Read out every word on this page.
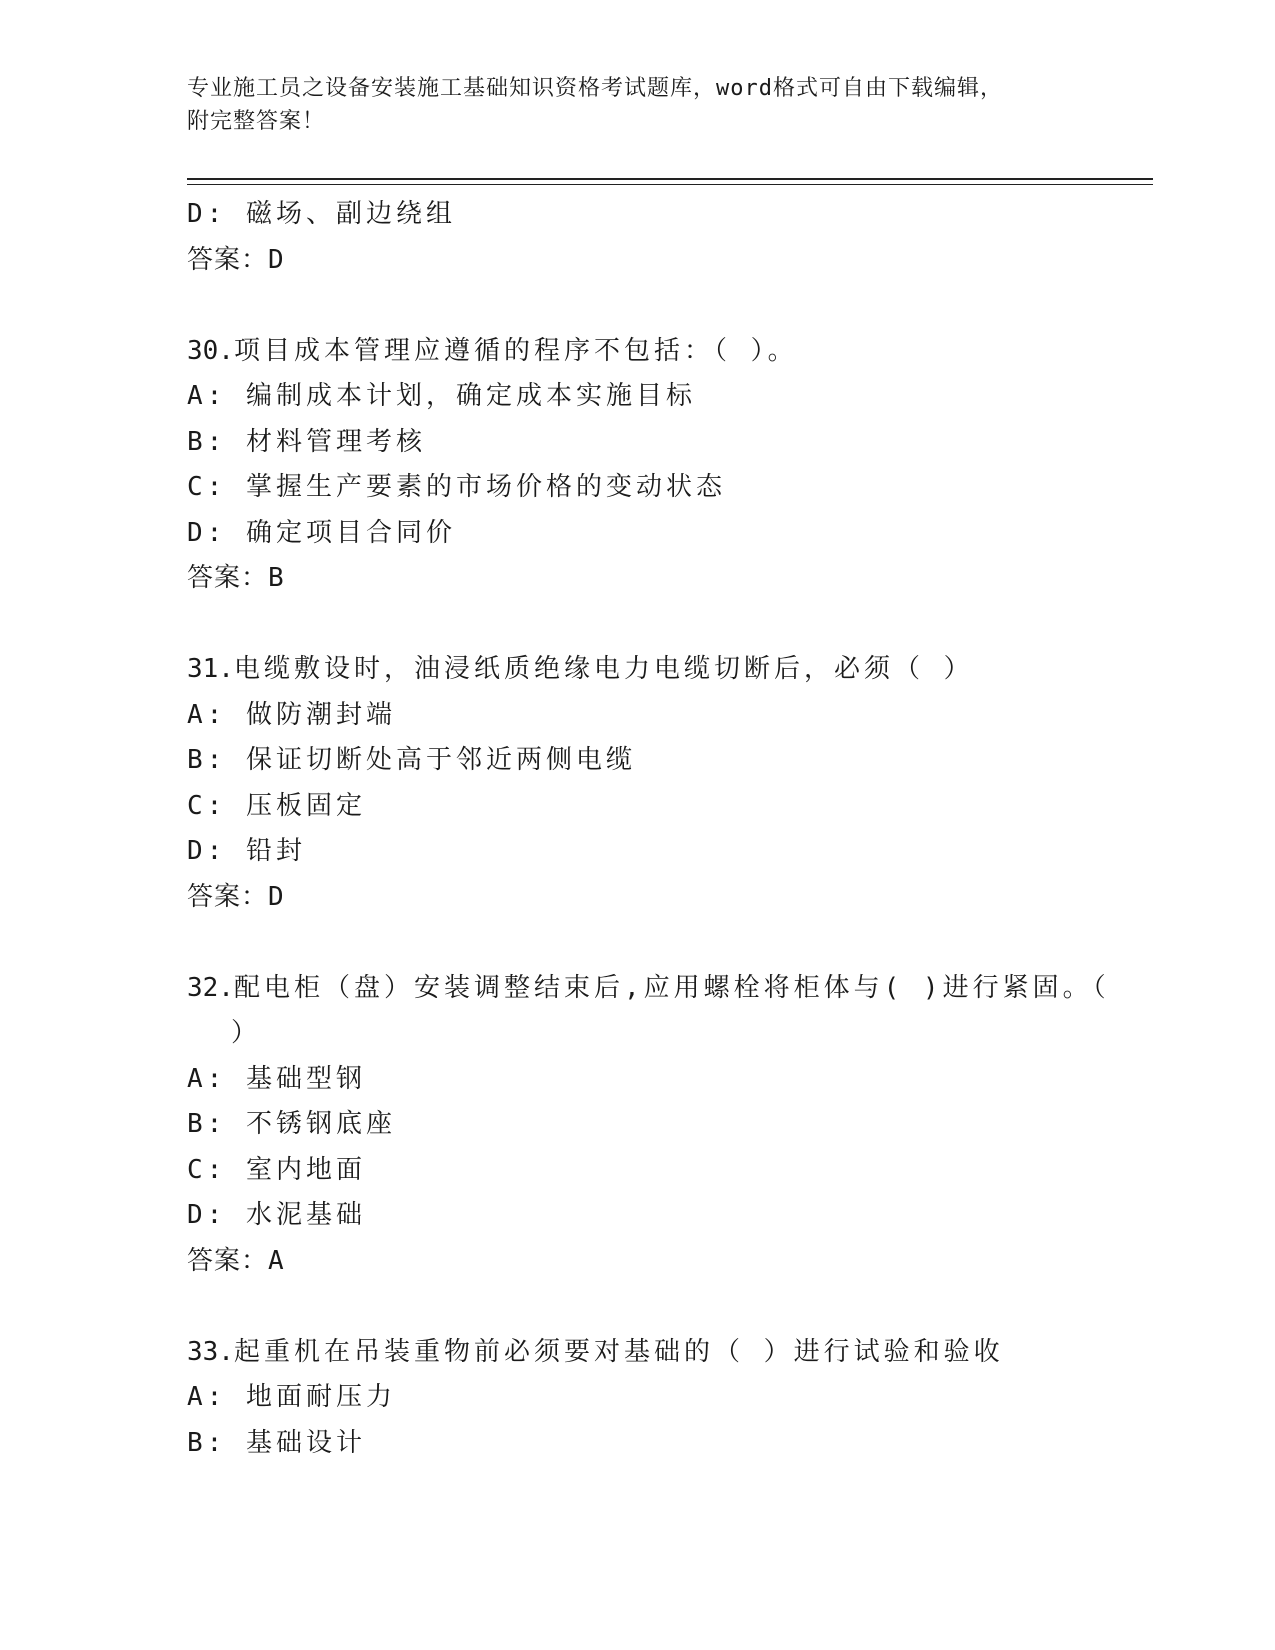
专业施工员之设备安装施工基础知识资格考试题库，word格式可自由下载编辑，
附完整答案！
D: 磁场、副边绕组
答案：D
30.项目成本管理应遵循的程序不包括：（ ）。
A: 编制成本计划，确定成本实施目标
B: 材料管理考核
C: 掌握生产要素的市场价格的变动状态
D: 确定项目合同价
答案：B
31.电缆敷设时，油浸纸质绝缘电力电缆切断后，必须（ ）
A: 做防潮封端
B: 保证切断处高于邻近两侧电缆
C: 压板固定
D: 铅封
答案：D
32.配电柜（盘）安装调整结束后,应用螺栓将柜体与( )进行紧固。（
）
A: 基础型钢
B: 不锈钢底座
C: 室内地面
D: 水泥基础
答案：A
33.起重机在吊装重物前必须要对基础的（ ）进行试验和验收
A: 地面耐压力
B: 基础设计
